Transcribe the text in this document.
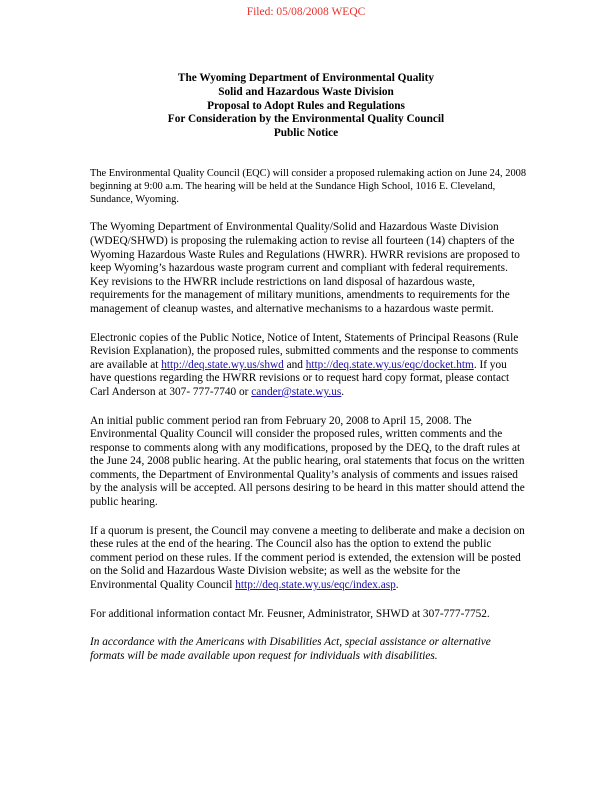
Filed: 05/08/2008 WEQC
The Wyoming Department of Environmental Quality
Solid and Hazardous Waste Division
Proposal to Adopt Rules and Regulations
For Consideration by the Environmental Quality Council
Public Notice

The Environmental Quality Council (EQC) will consider a proposed rulemaking action on June 24, 2008 beginning at 9:00 a.m. The hearing will be held at the Sundance High School, 1016 E. Cleveland, Sundance, Wyoming.

The Wyoming Department of Environmental Quality/Solid and Hazardous Waste Division (WDEQ/SHWD) is proposing the rulemaking action to revise all fourteen (14) chapters of the Wyoming Hazardous Waste Rules and Regulations (HWRR). HWRR revisions are proposed to keep Wyoming’s hazardous waste program current and compliant with federal requirements. Key revisions to the HWRR include restrictions on land disposal of hazardous waste, requirements for the management of military munitions, amendments to requirements for the management of cleanup wastes, and alternative mechanisms to a hazardous waste permit.

Electronic copies of the Public Notice, Notice of Intent, Statements of Principal Reasons (Rule Revision Explanation), the proposed rules, submitted comments and the response to comments are available at http://deq.state.wy.us/shwd and http://deq.state.wy.us/eqc/docket.htm. If you have questions regarding the HWRR revisions or to request hard copy format, please contact Carl Anderson at 307- 777-7740 or cander@state.wy.us.

An initial public comment period ran from February 20, 2008 to April 15, 2008. The Environmental Quality Council will consider the proposed rules, written comments and the response to comments along with any modifications, proposed by the DEQ, to the draft rules at the June 24, 2008 public hearing. At the public hearing, oral statements that focus on the written comments, the Department of Environmental Quality’s analysis of comments and issues raised by the analysis will be accepted. All persons desiring to be heard in this matter should attend the public hearing.

If a quorum is present, the Council may convene a meeting to deliberate and make a decision on these rules at the end of the hearing. The Council also has the option to extend the public comment period on these rules. If the comment period is extended, the extension will be posted on the Solid and Hazardous Waste Division website; as well as the website for the Environmental Quality Council http://deq.state.wy.us/eqc/index.asp.

For additional information contact Mr. Feusner, Administrator, SHWD at 307-777-7752.

In accordance with the Americans with Disabilities Act, special assistance or alternative formats will be made available upon request for individuals with disabilities.
